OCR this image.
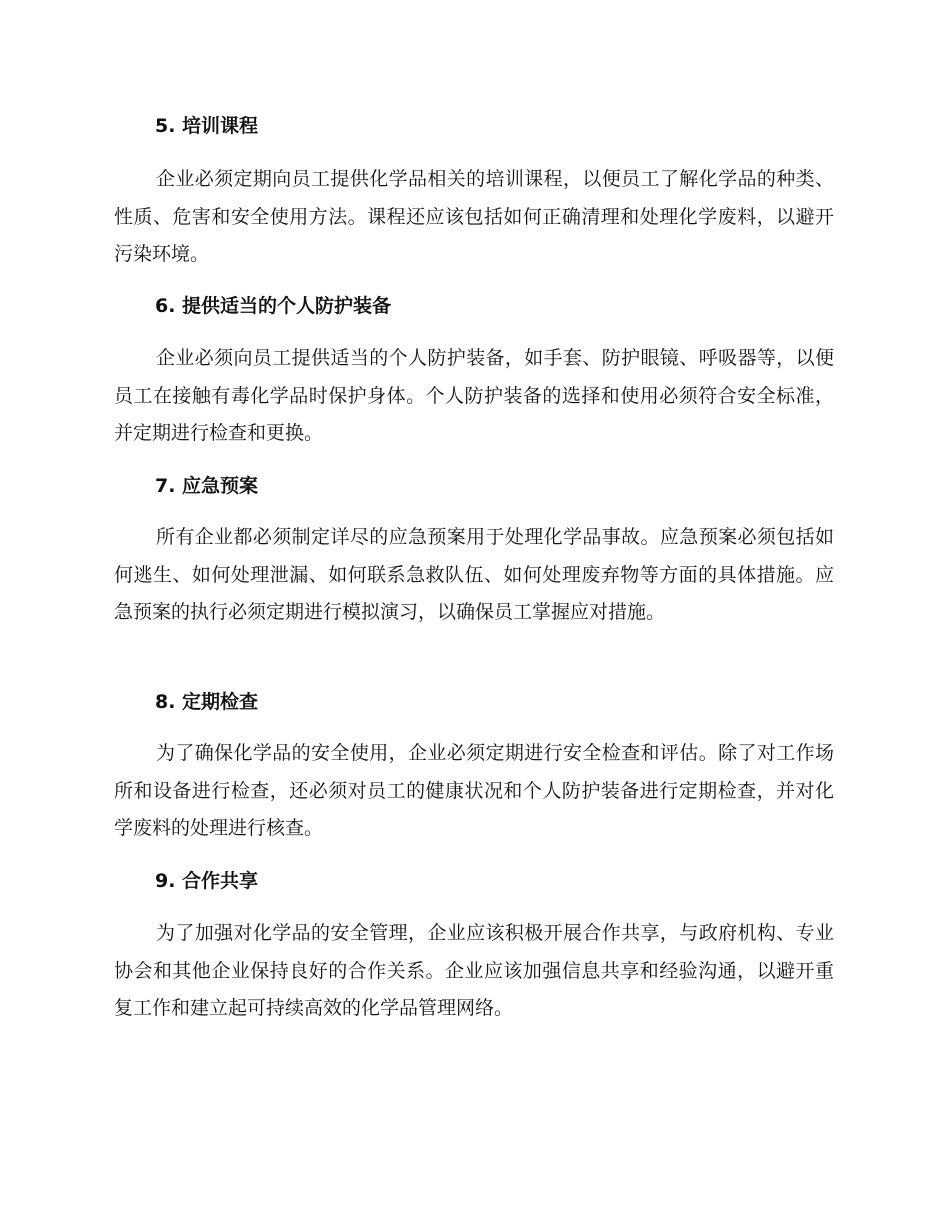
5. 培训课程

企业必须定期向员工提供化学品相关的培训课程，以便员工了解化学品的种类、性质、危害和安全使用方法。课程还应该包括如何正确清理和处理化学废料，以避开污染环境。

6. 提供适当的个人防护装备

企业必须向员工提供适当的个人防护装备，如手套、防护眼镜、呼吸器等，以便员工在接触有毒化学品时保护身体。个人防护装备的选择和使用必须符合安全标准，并定期进行检查和更换。

7. 应急预案

所有企业都必须制定详尽的应急预案用于处理化学品事故。应急预案必须包括如何逃生、如何处理泄漏、如何联系急救队伍、如何处理废弃物等方面的具体措施。应急预案的执行必须定期进行模拟演习，以确保员工掌握应对措施。

8. 定期检查

为了确保化学品的安全使用，企业必须定期进行安全检查和评估。除了对工作场所和设备进行检查，还必须对员工的健康状况和个人防护装备进行定期检查，并对化学废料的处理进行核查。

9. 合作共享

为了加强对化学品的安全管理，企业应该积极开展合作共享，与政府机构、专业协会和其他企业保持良好的合作关系。企业应该加强信息共享和经验沟通，以避开重复工作和建立起可持续高效的化学品管理网络。
